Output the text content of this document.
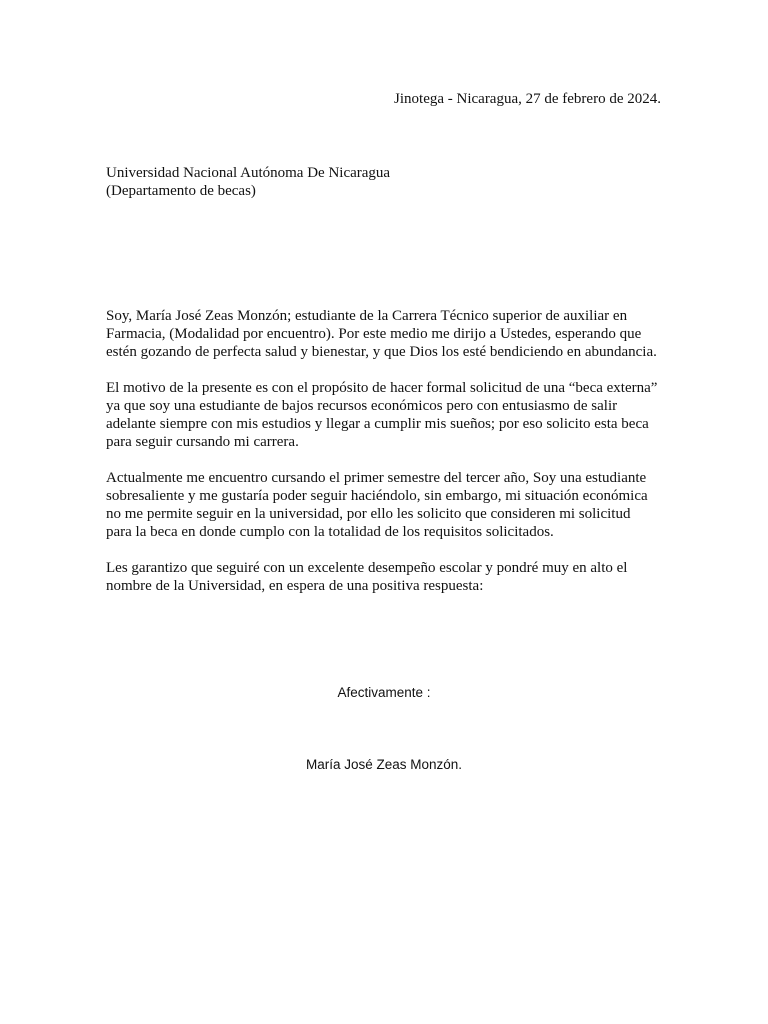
Jinotega - Nicaragua, 27 de febrero de 2024.
Universidad Nacional Autónoma De Nicaragua
(Departamento de becas)

Soy, María José Zeas Monzón; estudiante de la Carrera Técnico superior de auxiliar en
Farmacia, (Modalidad por encuentro). Por este medio me dirijo a Ustedes, esperando que
estén gozando de perfecta salud y bienestar, y que Dios los esté bendiciendo en abundancia.

El motivo de la presente es con el propósito de hacer formal solicitud de una “beca externa”
ya que soy una estudiante de bajos recursos económicos pero con entusiasmo de salir
adelante siempre con mis estudios y llegar a cumplir mis sueños; por eso solicito esta beca
para seguir cursando mi carrera.

Actualmente me encuentro cursando el primer semestre del tercer año, Soy una estudiante
sobresaliente y me gustaría poder seguir haciéndolo, sin embargo, mi situación económica
no me permite seguir en la universidad, por ello les solicito que consideren mi solicitud
para la beca en donde cumplo con la totalidad de los requisitos solicitados.

Les garantizo que seguiré con un excelente desempeño escolar y pondré muy en alto el
nombre de la Universidad, en espera de una positiva respuesta:

Afectivamente :
María José Zeas Monzón.
